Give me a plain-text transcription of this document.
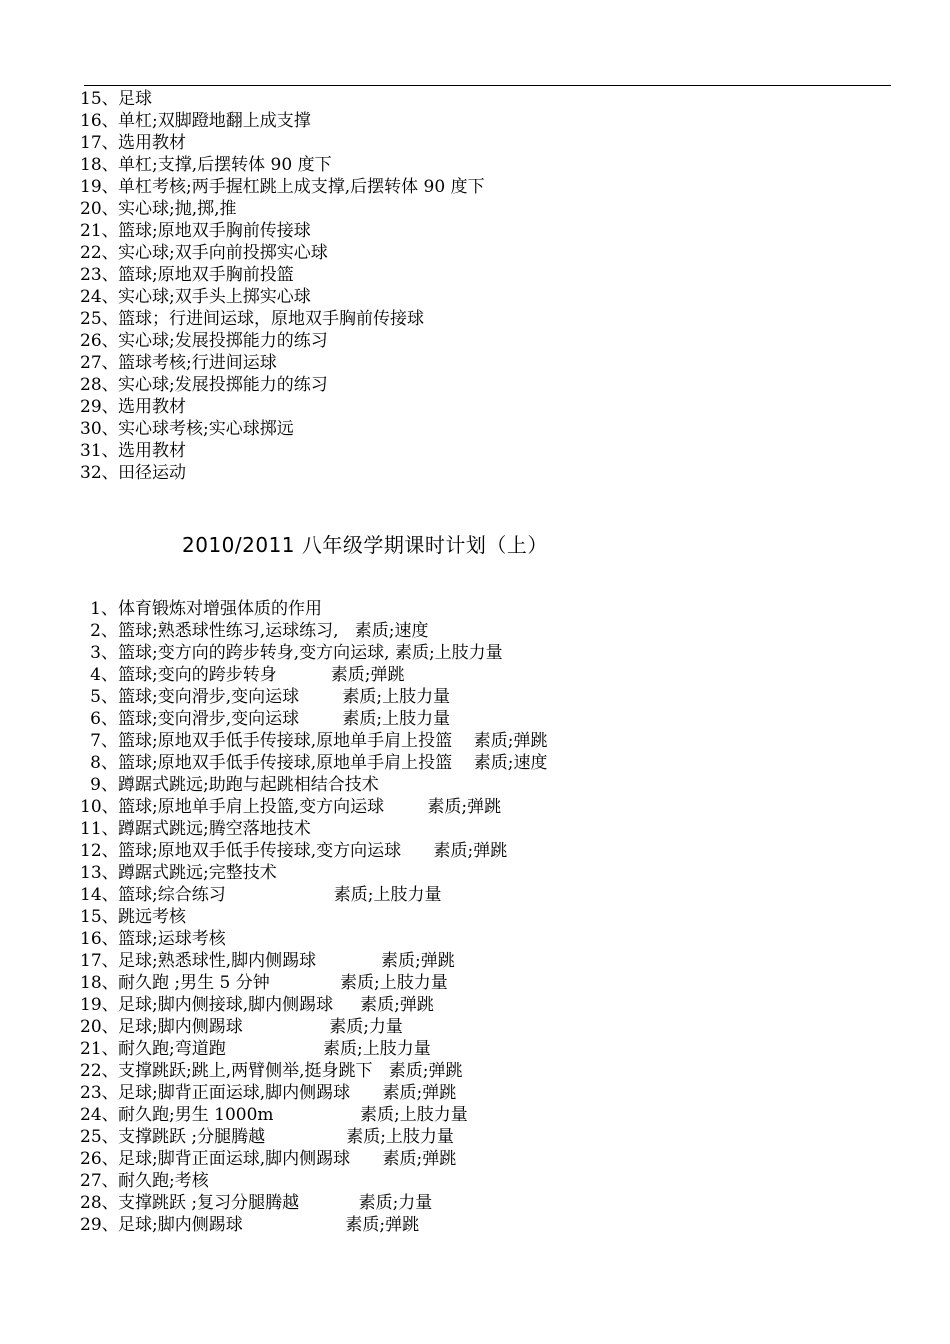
15、足球
16、单杠;双脚蹬地翻上成支撑
17、选用教材
18、单杠;支撑,后摆转体 90 度下
19、单杠考核;两手握杠跳上成支撑,后摆转体 90 度下
20、实心球;抛,掷,推
21、篮球;原地双手胸前传接球
22、实心球;双手向前投掷实心球
23、篮球;原地双手胸前投篮
24、实心球;双手头上掷实心球
25、篮球；行进间运球，原地双手胸前传接球
26、实心球;发展投掷能力的练习
27、篮球考核;行进间运球
28、实心球;发展投掷能力的练习
29、选用教材
30、实心球考核;实心球掷远
31、选用教材
32、田径运动
2010/2011 八年级学期课时计划（上）
1、体育锻炼对增强体质的作用
2、篮球;熟悉球性练习,运球练习,   素质;速度
3、篮球;变方向的跨步转身,变方向运球, 素质;上肢力量
4、篮球;变向的跨步转身          素质;弹跳
5、篮球;变向滑步,变向运球        素质;上肢力量
6、篮球;变向滑步,变向运球        素质;上肢力量
7、篮球;原地双手低手传接球,原地单手肩上投篮    素质;弹跳
8、篮球;原地双手低手传接球,原地单手肩上投篮    素质;速度
9、蹲踞式跳远;助跑与起跳相结合技术
10、篮球;原地单手肩上投篮,变方向运球        素质;弹跳
11、蹲踞式跳远;腾空落地技术
12、篮球;原地双手低手传接球,变方向运球      素质;弹跳
13、蹲踞式跳远;完整技术
14、篮球;综合练习                    素质;上肢力量
15、跳远考核
16、篮球;运球考核
17、足球;熟悉球性,脚内侧踢球            素质;弹跳
18、耐久跑 ;男生 5 分钟             素质;上肢力量
19、足球;脚内侧接球,脚内侧踢球     素质;弹跳
20、足球;脚内侧踢球                素质;力量
21、耐久跑;弯道跑                  素质;上肢力量
22、支撑跳跃;跳上,两臂侧举,挺身跳下   素质;弹跳
23、足球;脚背正面运球,脚内侧踢球      素质;弹跳
24、耐久跑;男生 1000m                素质;上肢力量
25、支撑跳跃 ;分腿腾越               素质;上肢力量
26、足球;脚背正面运球,脚内侧踢球      素质;弹跳
27、耐久跑;考核
28、支撑跳跃 ;复习分腿腾越           素质;力量
29、足球;脚内侧踢球                   素质;弹跳
